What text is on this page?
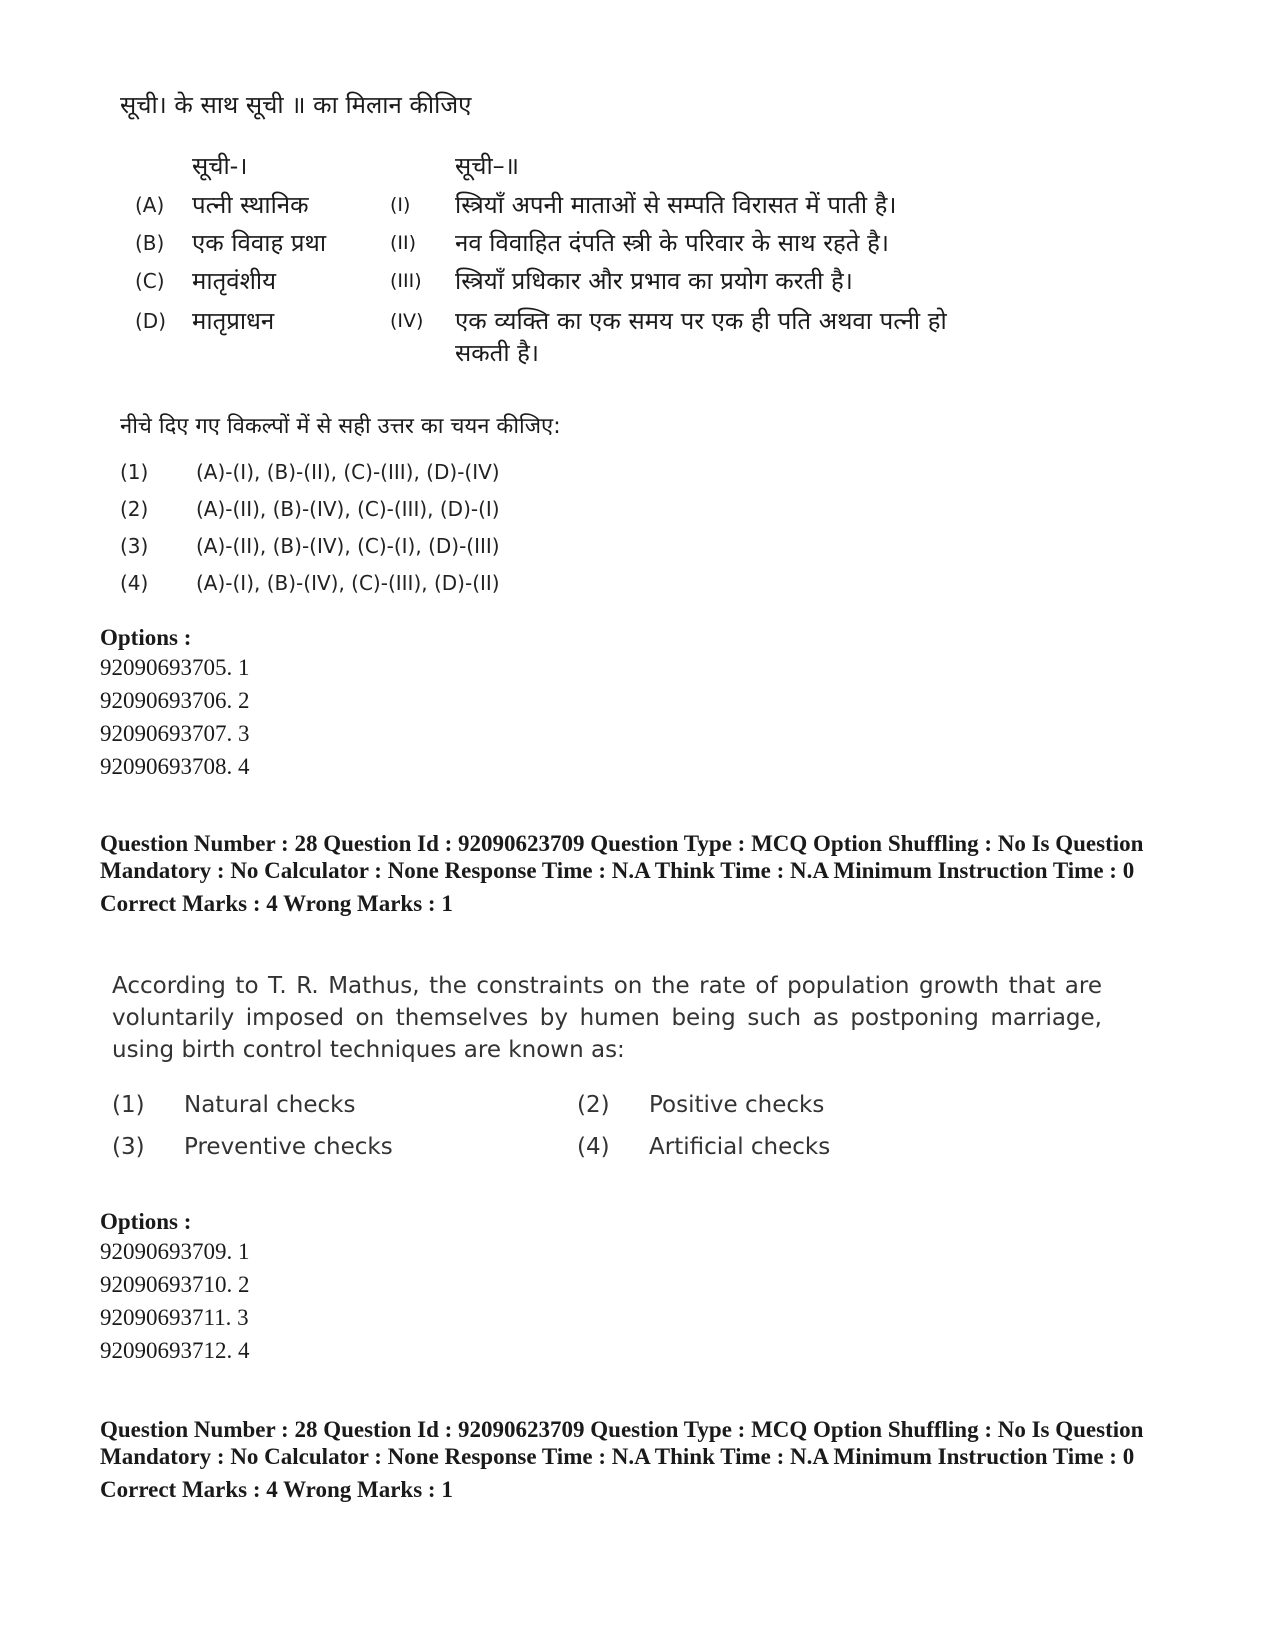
सूची। के साथ सूची ॥ का मिलान कीजिए

सूची-।	सूची–॥
(A) पत्नी स्थानिक	(I) स्त्रियाँ अपनी माताओं से सम्पति विरासत में पाती है।
(B) एक विवाह प्रथा	(II) नव विवाहित दंपति स्त्री के परिवार के साथ रहते है।
(C) मातृवंशीय	(III) स्त्रियाँ प्रधिकार और प्रभाव का प्रयोग करती है।
(D) मातृप्राधन	(IV) एक व्यक्ति का एक समय पर एक ही पति अथवा पत्नी हो सकती है।
नीचे दिए गए विकल्पों में से सही उत्तर का चयन कीजिए:
(1) (A)-(I), (B)-(II), (C)-(III), (D)-(IV)
(2) (A)-(II), (B)-(IV), (C)-(III), (D)-(I)
(3) (A)-(II), (B)-(IV), (C)-(I), (D)-(III)
(4) (A)-(I), (B)-(IV), (C)-(III), (D)-(II)
Options :
92090693705. 1
92090693706. 2
92090693707. 3
92090693708. 4
Question Number : 28 Question Id : 92090623709 Question Type : MCQ Option Shuffling : No Is Question Mandatory : No Calculator : None Response Time : N.A Think Time : N.A Minimum Instruction Time : 0
Correct Marks : 4 Wrong Marks : 1

According to T. R. Mathus, the constraints on the rate of population growth that are voluntarily imposed on themselves by humen being such as postponing marriage, using birth control techniques are known as:

(1) Natural checks	(2) Positive checks
(3) Preventive checks	(4) Artificial checks
Options :
92090693709. 1
92090693710. 2
92090693711. 3
92090693712. 4
Question Number : 28 Question Id : 92090623709 Question Type : MCQ Option Shuffling : No Is Question Mandatory : No Calculator : None Response Time : N.A Think Time : N.A Minimum Instruction Time : 0
Correct Marks : 4 Wrong Marks : 1
